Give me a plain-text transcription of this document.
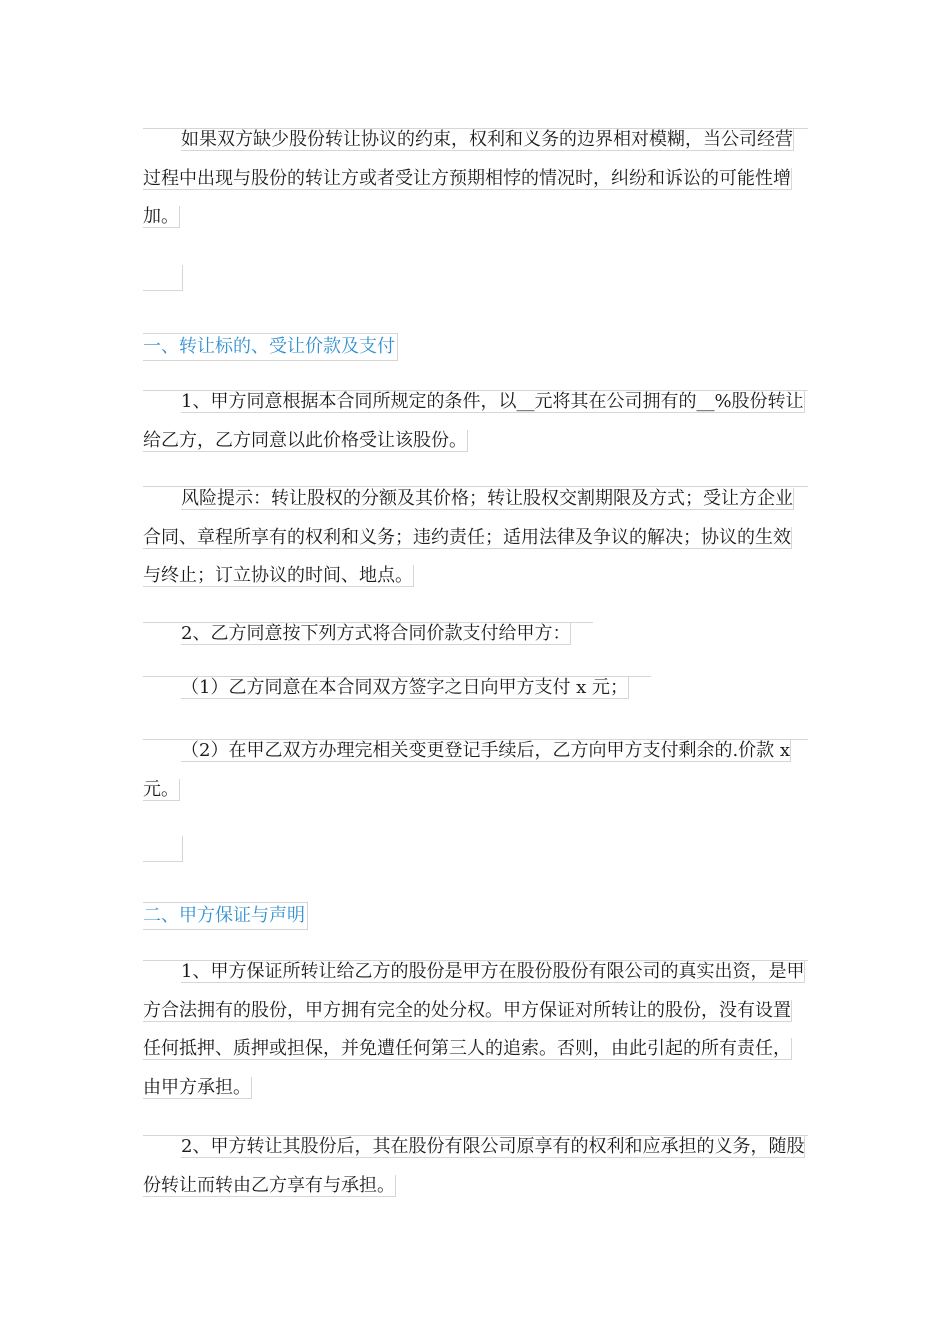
如果双方缺少股份转让协议的约束，权利和义务的边界相对模糊，当公司经营过程中出现与股份的转让方或者受让方预期相悖的情况时，纠纷和诉讼的可能性增加。

一、转让标的、受让价款及支付

1、甲方同意根据本合同所规定的条件，以__元将其在公司拥有的__%股份转让给乙方，乙方同意以此价格受让该股份。

风险提示：转让股权的分额及其价格；转让股权交割期限及方式；受让方企业合同、章程所享有的权利和义务；违约责任；适用法律及争议的解决；协议的生效与终止；订立协议的时间、地点。

2、乙方同意按下列方式将合同价款支付给甲方：

（1）乙方同意在本合同双方签字之日向甲方支付 x 元；

（2）在甲乙双方办理完相关变更登记手续后，乙方向甲方支付剩余的.价款 x 元。

二、甲方保证与声明

1、甲方保证所转让给乙方的股份是甲方在股份股份有限公司的真实出资，是甲方合法拥有的股份，甲方拥有完全的处分权。甲方保证对所转让的股份，没有设置任何抵押、质押或担保，并免遭任何第三人的追索。否则，由此引起的所有责任，由甲方承担。

2、甲方转让其股份后，其在股份有限公司原享有的权利和应承担的义务，随股份转让而转由乙方享有与承担。
